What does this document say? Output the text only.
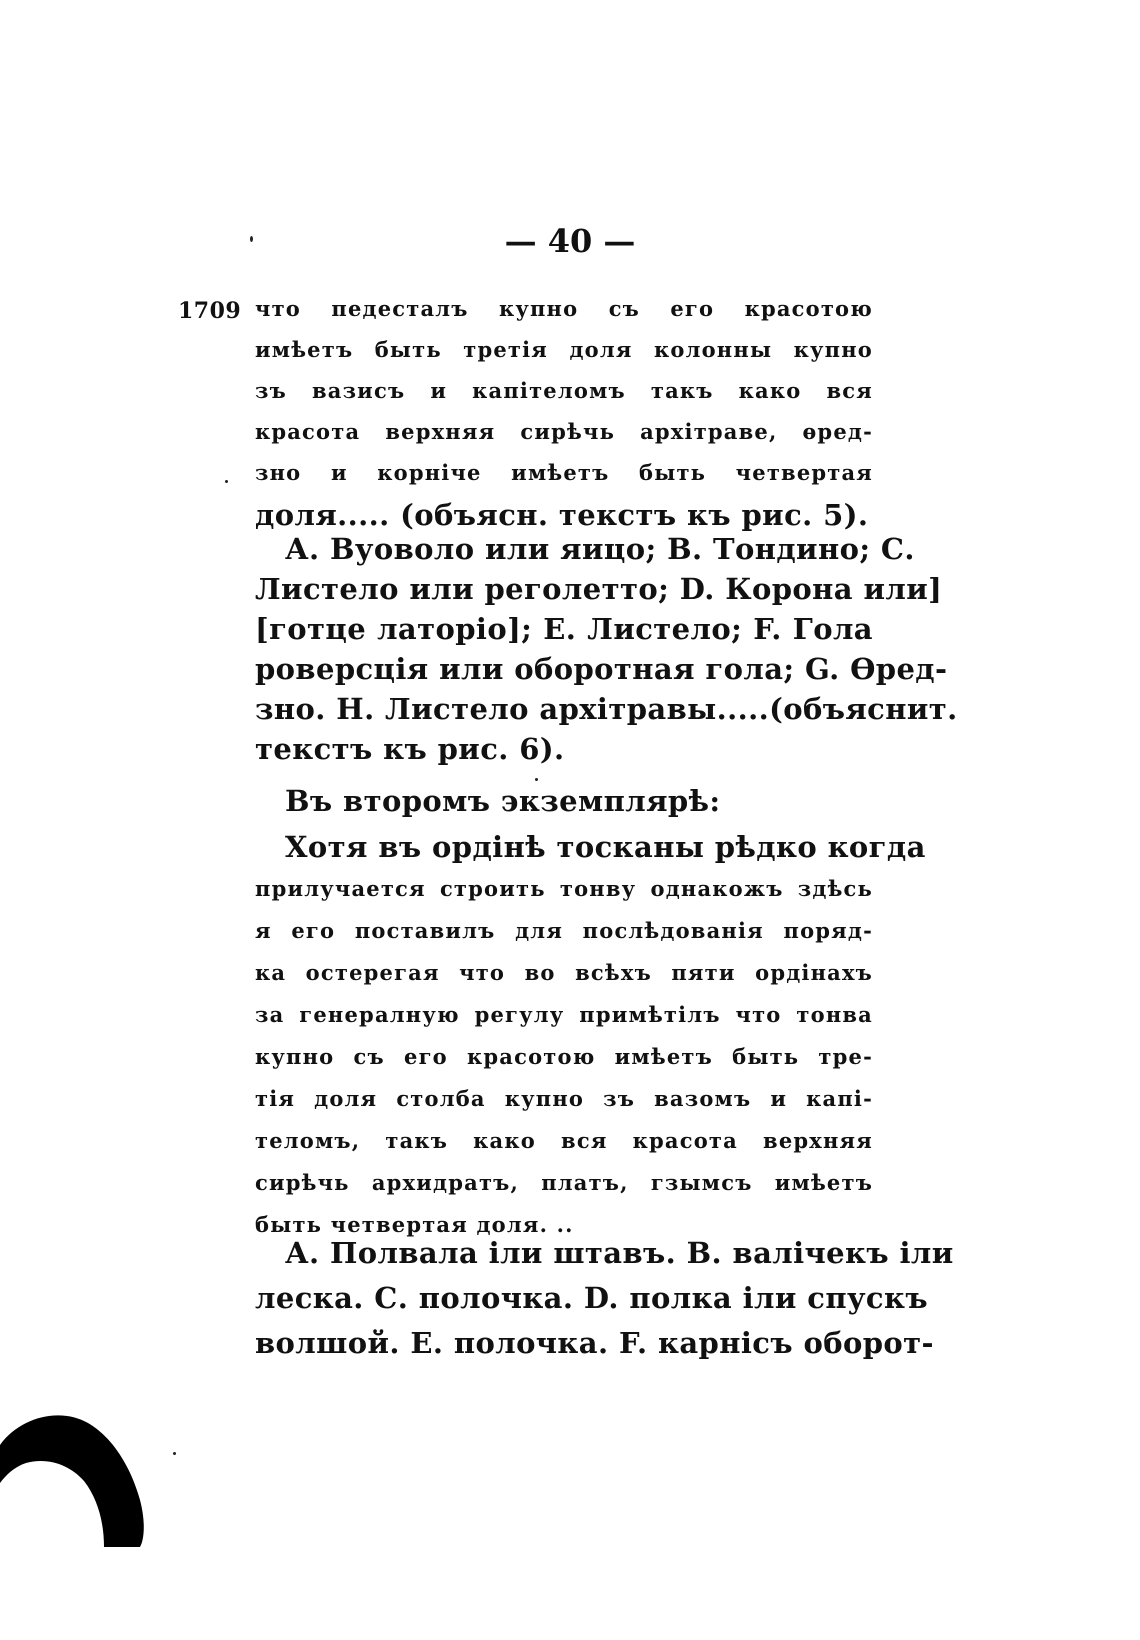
— 40 —
1709 что педесталъ купно съ его красотою
имѣетъ быть третія доля колонны купно
зъ вазисъ и капітеломъ такъ како вся
красота верхняя сирѣчь архітраве, ѳред-
зно и корніче имѣетъ быть четвертая
доля..... (объясн. текстъ къ рис. 5).
А. Вуоволо или яицо; В. Тондино; С.
Листело или реголетто; D. Корона или]
[готце латоріо]; Е. Листело; F. Гола
роверсція или оборотная гола; G. Ѳред-
зно. Н. Листело архітравы.....(объяснит.
текстъ къ рис. 6).
Въ второмъ экземплярѣ:
Хотя въ ордінѣ тосканы рѣдко когда
прилучается строить тонву однакожъ здѣсь
я его поставилъ для послѣдованія поряд-
ка остерегая что во всѣхъ пяти ордінахъ
за генералную регулу примѣтілъ что тонва
купно съ его красотою имѣетъ быть тре-
тія доля столба купно зъ вазомъ и капі-
теломъ, такъ како вся красота верхняя
сирѣчь архидратъ, платъ, гзымсъ имѣетъ
быть четвертая доля. ..
А. Полвала іли штавъ. В. валічекъ іли
леска. С. полочка. D. полка іли спускъ
волшой. Е. полочка. F. карнісъ оборот-
